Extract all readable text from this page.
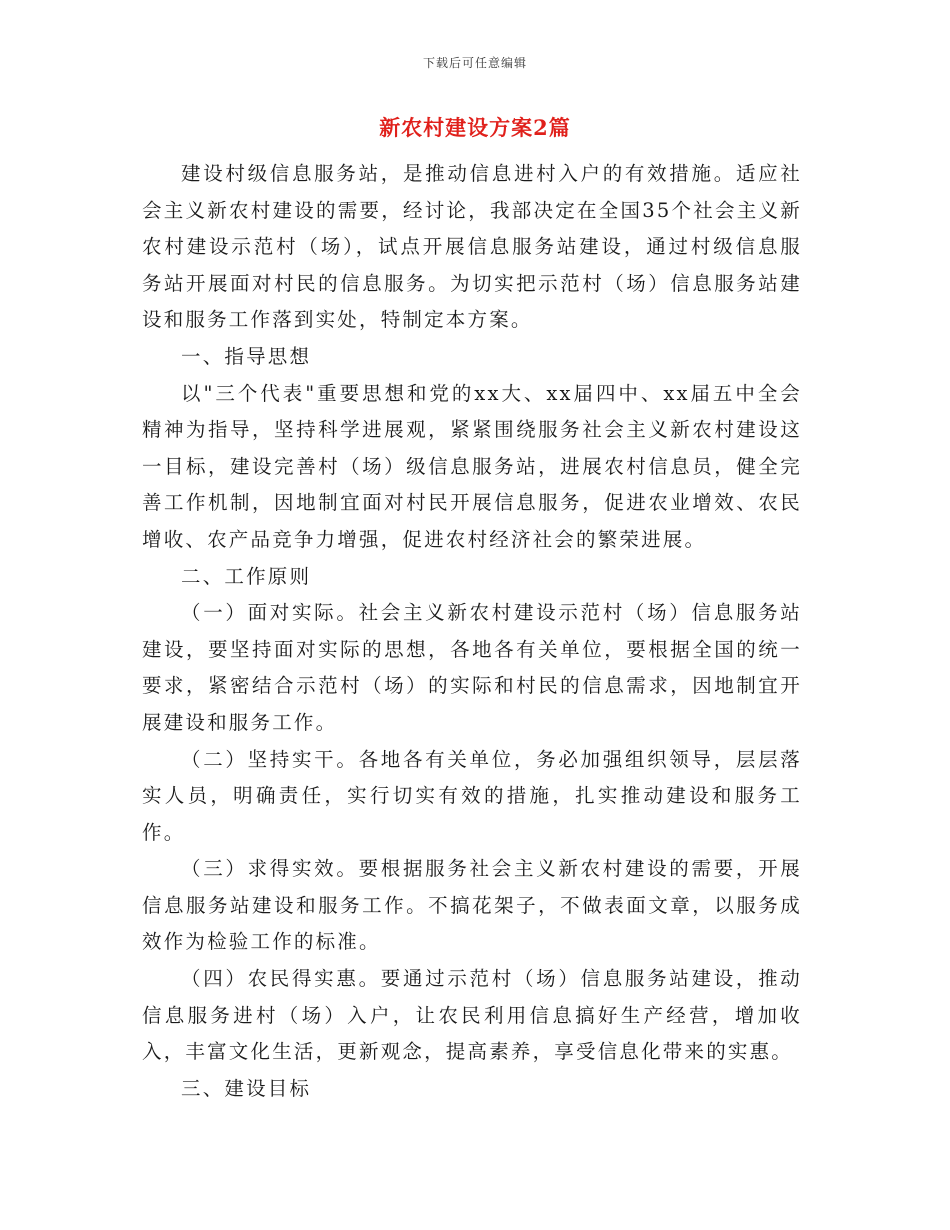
下载后可任意编辑
新农村建设方案2篇

建设村级信息服务站，是推动信息进村入户的有效措施。适应社会主义新农村建设的需要，经讨论，我部决定在全国35个社会主义新农村建设示范村（场），试点开展信息服务站建设，通过村级信息服务站开展面对村民的信息服务。为切实把示范村（场）信息服务站建设和服务工作落到实处，特制定本方案。

一、指导思想

以"三个代表"重要思想和党的xx大、xx届四中、xx届五中全会精神为指导，坚持科学进展观，紧紧围绕服务社会主义新农村建设这一目标，建设完善村（场）级信息服务站，进展农村信息员，健全完善工作机制，因地制宜面对村民开展信息服务，促进农业增效、农民增收、农产品竞争力增强，促进农村经济社会的繁荣进展。

二、工作原则

（一）面对实际。社会主义新农村建设示范村（场）信息服务站建设，要坚持面对实际的思想，各地各有关单位，要根据全国的统一要求，紧密结合示范村（场）的实际和村民的信息需求，因地制宜开展建设和服务工作。

（二）坚持实干。各地各有关单位，务必加强组织领导，层层落实人员，明确责任，实行切实有效的措施，扎实推动建设和服务工作。

（三）求得实效。要根据服务社会主义新农村建设的需要，开展信息服务站建设和服务工作。不搞花架子，不做表面文章，以服务成效作为检验工作的标准。

（四）农民得实惠。要通过示范村（场）信息服务站建设，推动信息服务进村（场）入户，让农民利用信息搞好生产经营，增加收入，丰富文化生活，更新观念，提高素养，享受信息化带来的实惠。

三、建设目标
